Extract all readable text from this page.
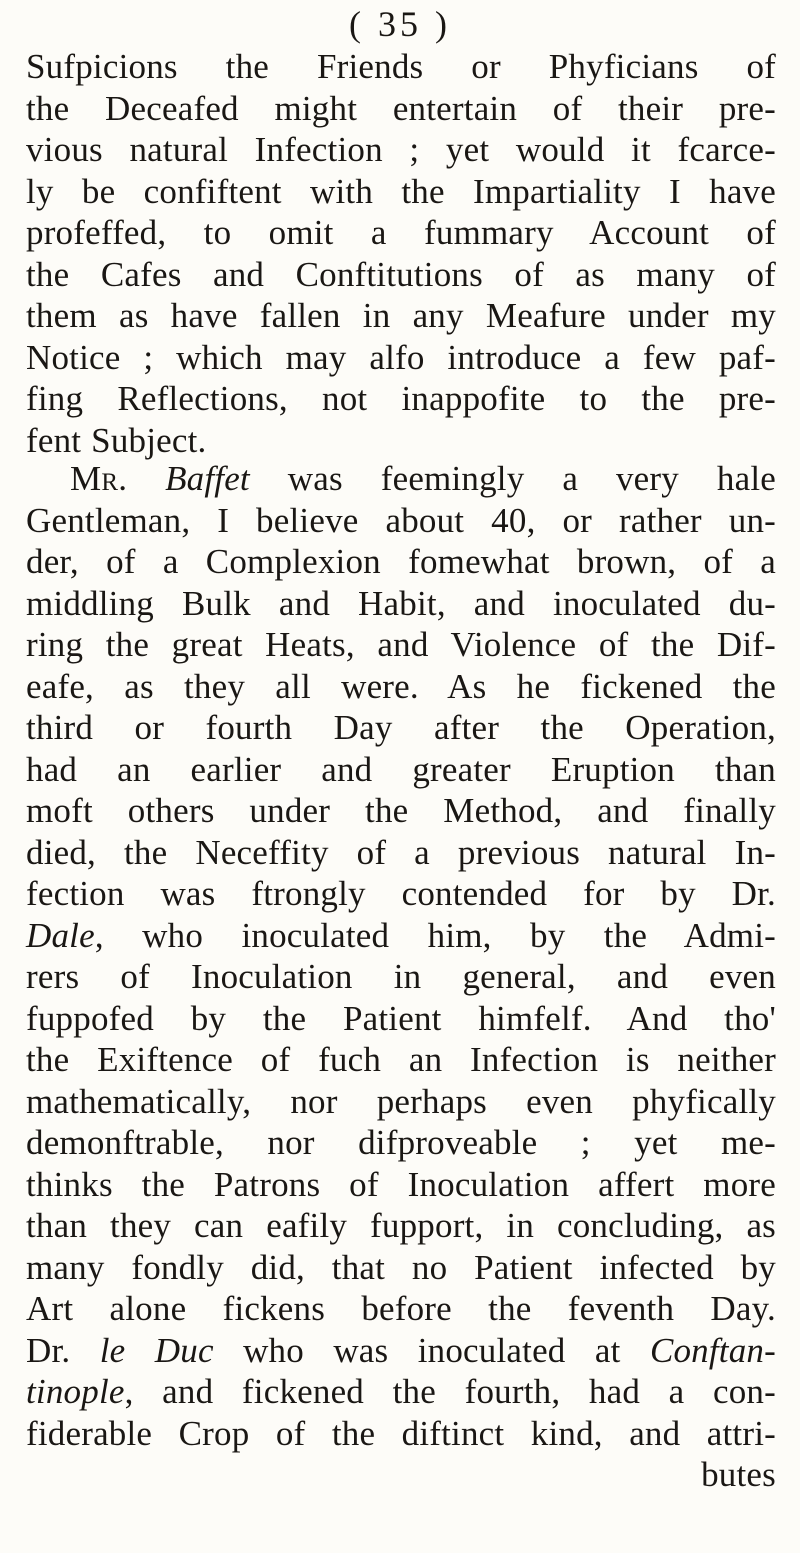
( 35 )
Sufpicions the Friends or Phyficians of
the Deceafed might entertain of their pre-
vious natural Infection ; yet would it fcarce-
ly be confiftent with the Impartiality I have
profeffed, to omit a fummary Account of
the Cafes and Conftitutions of as many of
them as have fallen in any Meafure under my
Notice ; which may alfo introduce a few paf-
fing Reflections, not inappofite to the pre-
fent Subject.
Mr. Baffet was feemingly a very hale
Gentleman, I believe about 40, or rather un-
der, of a Complexion fomewhat brown, of a
middling Bulk and Habit, and inoculated du-
ring the great Heats, and Violence of the Dif-
eafe, as they all were. As he fickened the
third or fourth Day after the Operation,
had an earlier and greater Eruption than
moft others under the Method, and finally
died, the Neceffity of a previous natural In-
fection was ftrongly contended for by Dr.
Dale, who inoculated him, by the Admi-
rers of Inoculation in general, and even
fuppofed by the Patient himfelf. And tho'
the Exiftence of fuch an Infection is neither
mathematically, nor perhaps even phyfically
demonftrable, nor difproveable ; yet me-
thinks the Patrons of Inoculation affert more
than they can eafily fupport, in concluding, as
many fondly did, that no Patient infected by
Art alone fickens before the feventh Day.
Dr. le Duc who was inoculated at Conftan-
tinople, and fickened the fourth, had a con-
fiderable Crop of the diftinct kind, and attri-
butes
